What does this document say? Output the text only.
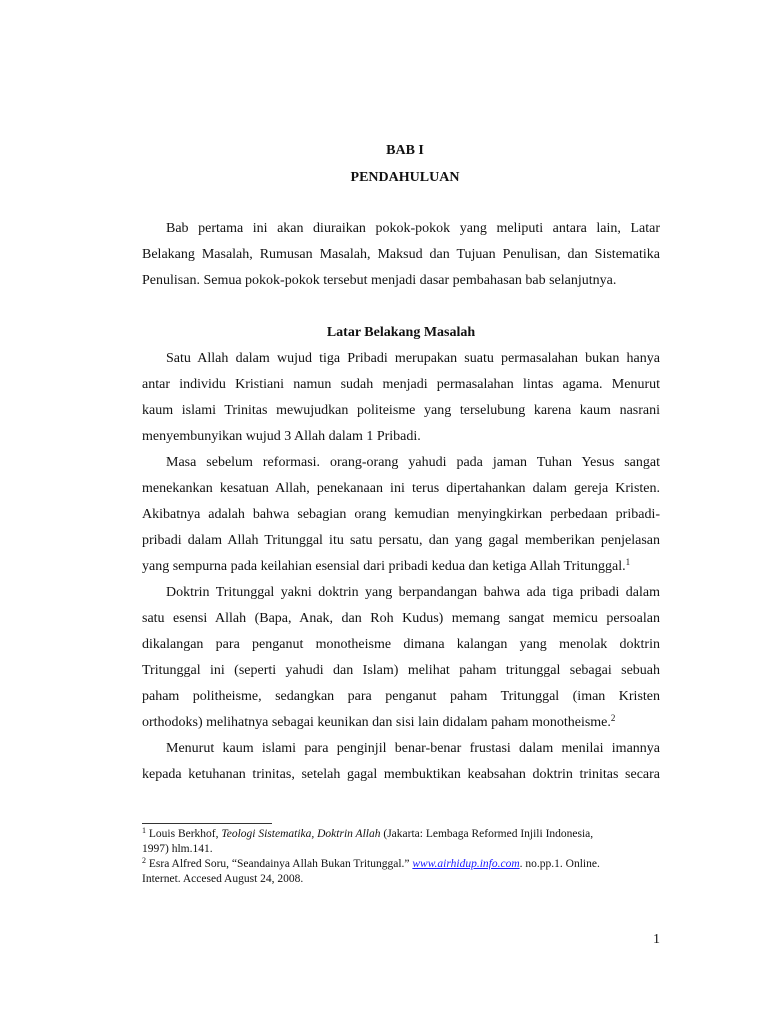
BAB I
PENDAHULUAN
Bab pertama ini akan diuraikan pokok-pokok yang meliputi antara lain, Latar
Belakang Masalah, Rumusan Masalah, Maksud dan Tujuan Penulisan, dan Sistematika
Penulisan. Semua pokok-pokok tersebut menjadi dasar pembahasan bab selanjutnya.
Latar Belakang Masalah
Satu Allah dalam wujud tiga Pribadi merupakan suatu permasalahan bukan hanya
antar individu Kristiani namun sudah menjadi permasalahan lintas agama. Menurut
kaum islami Trinitas mewujudkan politeisme yang terselubung karena kaum nasrani
menyembunyikan wujud 3 Allah dalam 1 Pribadi.
Masa sebelum reformasi. orang-orang yahudi pada jaman Tuhan Yesus sangat
menekankan kesatuan Allah, penekanaan ini terus dipertahankan dalam gereja Kristen.
Akibatnya adalah bahwa sebagian orang kemudian menyingkirkan perbedaan pribadi-
pribadi dalam Allah Tritunggal itu satu persatu, dan yang gagal memberikan penjelasan
yang sempurna pada keilahian esensial dari pribadi kedua dan ketiga Allah Tritunggal.$^1$
Doktrin Tritunggal yakni doktrin yang berpandangan bahwa ada tiga pribadi dalam
satu esensi Allah (Bapa, Anak, dan Roh Kudus) memang sangat memicu persoalan
dikalangan para penganut monotheisme dimana kalangan yang menolak doktrin
Tritunggal ini (seperti yahudi dan Islam) melihat paham tritunggal sebagai sebuah
paham politheisme, sedangkan para penganut paham Tritunggal (iman Kristen
orthodoks) melihatnya sebagai keunikan dan sisi lain didalam paham monotheisme.$^2$
Menurut kaum islami para penginjil benar-benar frustasi dalam menilai imannya
kepada ketuhanan trinitas, setelah gagal membuktikan keabsahan doktrin trinitas secara
$^1$ Louis Berkhof, Teologi Sistematika, Doktrin Allah (Jakarta: Lembaga Reformed Injili Indonesia,
1997) hlm.141.
$^2$ Esra Alfred Soru, “Seandainya Allah Bukan Tritunggal.” www.airhidup.info.com. no.pp.1. Online.
Internet. Accesed August 24, 2008.
1
